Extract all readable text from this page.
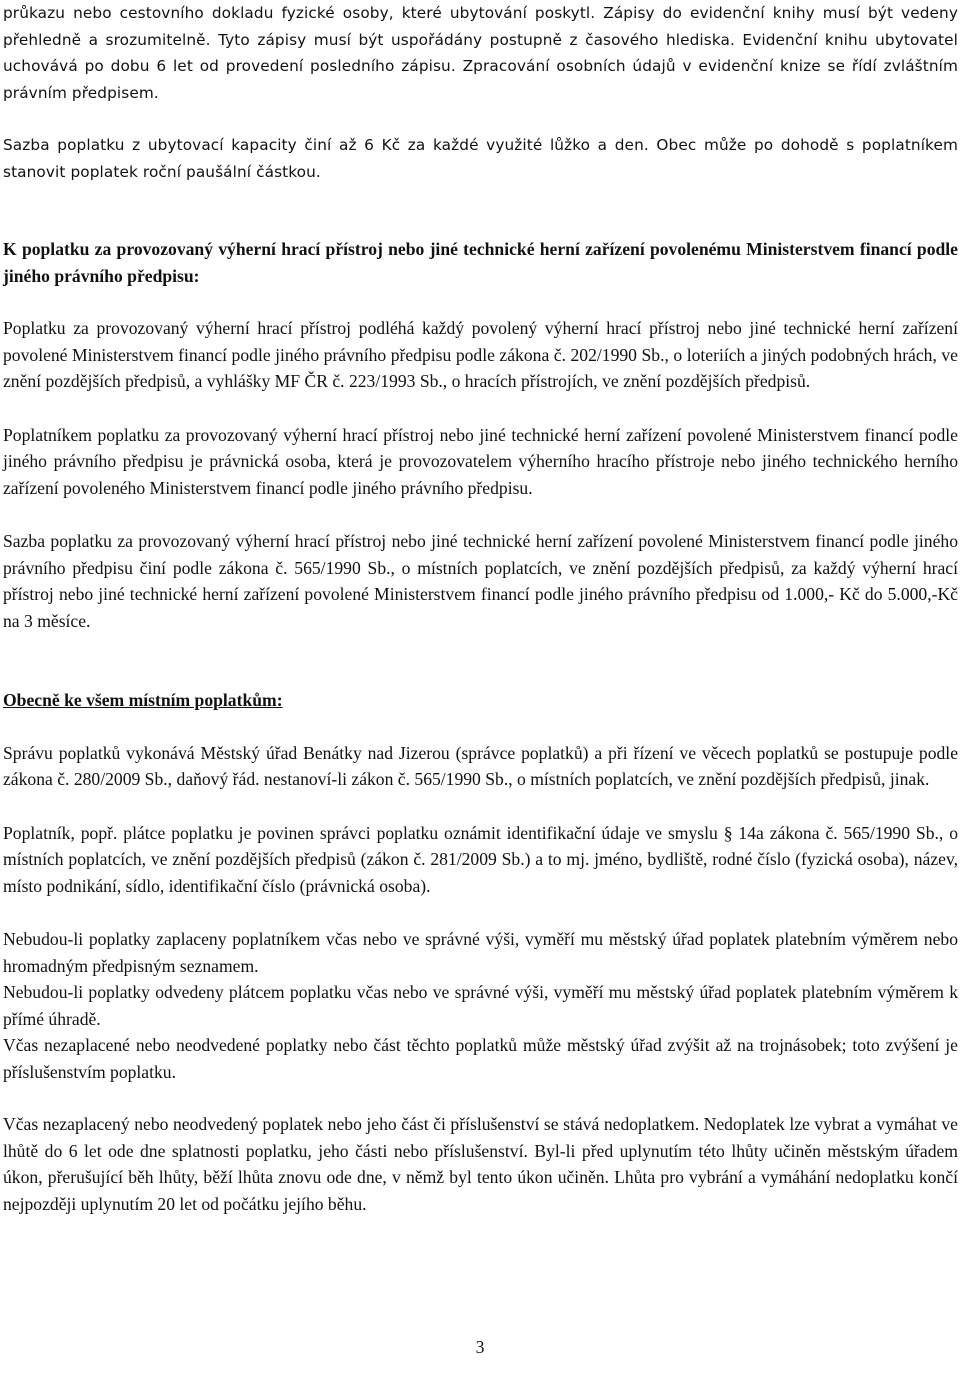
průkazu nebo cestovního dokladu fyzické osoby, které ubytování poskytl. Zápisy do evidenční knihy musí být vedeny přehledně a srozumitelně. Tyto zápisy musí být uspořádány postupně z časového hlediska. Evidenční knihu ubytovatel uchovává po dobu 6 let od provedení posledního zápisu. Zpracování osobních údajů v evidenční knize se řídí zvláštním právním předpisem.

Sazba poplatku z ubytovací kapacity činí až 6 Kč za každé využité lůžko a den. Obec může po dohodě s poplatníkem stanovit poplatek roční paušální částkou.

K poplatku za provozovaný výherní hrací přístroj nebo jiné technické herní zařízení povolenému Ministerstvem financí podle jiného právního předpisu:

Poplatku za provozovaný výherní hrací přístroj podléhá každý povolený výherní hrací přístroj nebo jiné technické herní zařízení povolené Ministerstvem financí podle jiného právního předpisu podle zákona č. 202/1990 Sb., o loteriích a jiných podobných hrách, ve znění pozdějších předpisů, a vyhlášky MF ČR č. 223/1993 Sb., o hracích přístrojích, ve znění pozdějších předpisů.

Poplatníkem poplatku za provozovaný výherní hrací přístroj nebo jiné technické herní zařízení povolené Ministerstvem financí podle jiného právního předpisu je právnická osoba, která je provozovatelem výherního hracího přístroje nebo jiného technického herního zařízení povoleného Ministerstvem financí podle jiného právního předpisu.

Sazba poplatku za provozovaný výherní hrací přístroj nebo jiné technické herní zařízení povolené Ministerstvem financí podle jiného právního předpisu činí podle zákona č. 565/1990 Sb., o místních poplatcích, ve znění pozdějších předpisů, za každý výherní hrací přístroj nebo jiné technické herní zařízení povolené Ministerstvem financí podle jiného právního předpisu od 1.000,- Kč do 5.000,-Kč na 3 měsíce.

Obecně ke všem místním poplatkům:

Správu poplatků vykonává Městský úřad Benátky nad Jizerou (správce poplatků) a při řízení ve věcech poplatků se postupuje podle zákona č. 280/2009 Sb., daňový řád. nestanoví-li zákon č. 565/1990 Sb., o místních poplatcích, ve znění pozdějších předpisů, jinak.

Poplatník, popř. plátce poplatku je povinen správci poplatku oznámit identifikační údaje ve smyslu § 14a zákona č. 565/1990 Sb., o místních poplatcích, ve znění pozdějších předpisů (zákon č. 281/2009 Sb.) a to mj. jméno, bydliště, rodné číslo (fyzická osoba), název, místo podnikání, sídlo, identifikační číslo (právnická osoba).

Nebudou-li poplatky zaplaceny poplatníkem včas nebo ve správné výši, vyměří mu městský úřad poplatek platebním výměrem nebo hromadným předpisným seznamem.

Nebudou-li poplatky odvedeny plátcem poplatku včas nebo ve správné výši, vyměří mu městský úřad poplatek platebním výměrem k přímé úhradě.

Včas nezaplacené nebo neodvedené poplatky nebo část těchto poplatků může městský úřad zvýšit až na trojnásobek; toto zvýšení je příslušenstvím poplatku.

Včas nezaplacený nebo neodvedený poplatek nebo jeho část či příslušenství se stává nedoplatkem. Nedoplatek lze vybrat a vymáhat ve lhůtě do 6 let ode dne splatnosti poplatku, jeho části nebo příslušenství. Byl-li před uplynutím této lhůty učiněn městským úřadem úkon, přerušující běh lhůty, běží lhůta znovu ode dne, v němž byl tento úkon učiněn. Lhůta pro vybrání a vymáhání nedoplatku končí nejpozději uplynutím 20 let od počátku jejího běhu.

3
